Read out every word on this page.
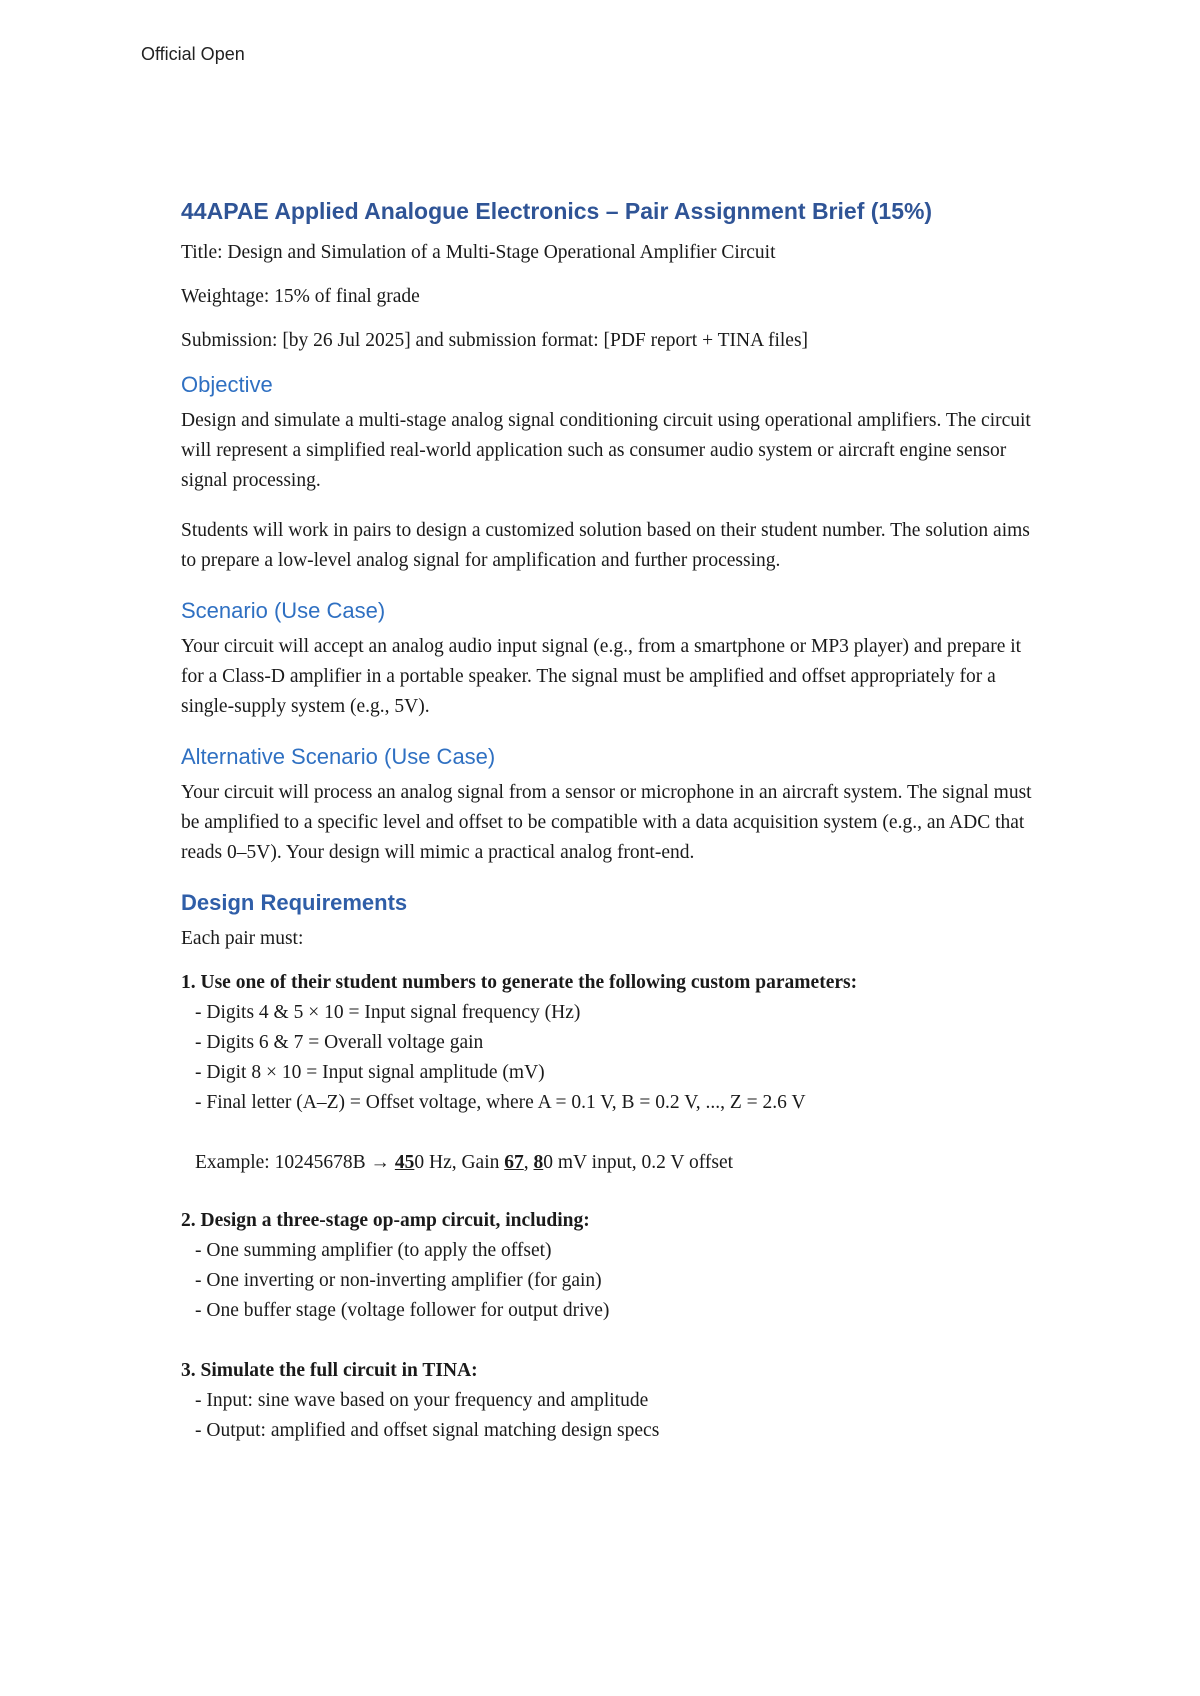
Official Open
44APAE Applied Analogue Electronics – Pair Assignment Brief (15%)

Title: Design and Simulation of a Multi-Stage Operational Amplifier Circuit

Weightage: 15% of final grade

Submission: [by 26 Jul 2025] and submission format: [PDF report + TINA files]

Objective

Design and simulate a multi-stage analog signal conditioning circuit using operational amplifiers. The circuit will represent a simplified real-world application such as consumer audio system or aircraft engine sensor signal processing.

Students will work in pairs to design a customized solution based on their student number. The solution aims to prepare a low-level analog signal for amplification and further processing.

Scenario (Use Case)

Your circuit will accept an analog audio input signal (e.g., from a smartphone or MP3 player) and prepare it for a Class-D amplifier in a portable speaker. The signal must be amplified and offset appropriately for a single-supply system (e.g., 5V).

Alternative Scenario (Use Case)

Your circuit will process an analog signal from a sensor or microphone in an aircraft system. The signal must be amplified to a specific level and offset to be compatible with a data acquisition system (e.g., an ADC that reads 0–5V). Your design will mimic a practical analog front-end.

Design Requirements

Each pair must:

1. Use one of their student numbers to generate the following custom parameters:
- Digits 4 & 5 × 10 = Input signal frequency (Hz)
- Digits 6 & 7 = Overall voltage gain
- Digit 8 × 10 = Input signal amplitude (mV)
- Final letter (A–Z) = Offset voltage, where A = 0.1 V, B = 0.2 V, ..., Z = 2.6 V
Example: 10245678B → 450 Hz, Gain 67, 80 mV input, 0.2 V offset
2. Design a three-stage op-amp circuit, including:
- One summing amplifier (to apply the offset)
- One inverting or non-inverting amplifier (for gain)
- One buffer stage (voltage follower for output drive)
3. Simulate the full circuit in TINA:
- Input: sine wave based on your frequency and amplitude
- Output: amplified and offset signal matching design specs
